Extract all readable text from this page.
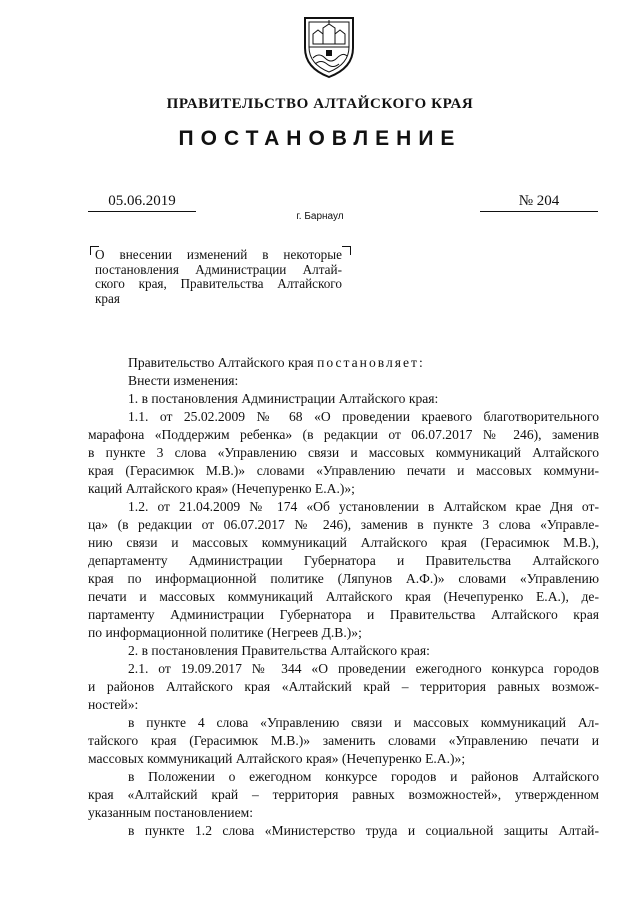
ПРАВИТЕЛЬСТВО АЛТАЙСКОГО КРАЯ
ПОСТАНОВЛЕНИЕ
05.06.2019	№ 204
г. Барнаул
О внесении изменений в некоторые
постановления Администрации Алтай-
ского края, Правительства Алтайского
края
Правительство Алтайского края постановляет:
Внести изменения:
1. в постановления Администрации Алтайского края:
1.1. от 25.02.2009 № 68 «О проведении краевого благотворительного
марафона «Поддержим ребенка» (в редакции от 06.07.2017 № 246), заменив
в пункте 3 слова «Управлению связи и массовых коммуникаций Алтайского
края (Герасимюк М.В.)» словами «Управлению печати и массовых коммуни-
каций Алтайского края» (Нечепуренко Е.А.)»;
1.2. от 21.04.2009 № 174 «Об установлении в Алтайском крае Дня от-
ца» (в редакции от 06.07.2017 № 246), заменив в пункте 3 слова «Управле-
нию связи и массовых коммуникаций Алтайского края (Герасимюк М.В.),
департаменту Администрации Губернатора и Правительства Алтайского
края по информационной политике (Ляпунов А.Ф.)» словами «Управлению
печати и массовых коммуникаций Алтайского края (Нечепуренко Е.А.), де-
партаменту Администрации Губернатора и Правительства Алтайского края
по информационной политике (Негреев Д.В.)»;
2. в постановления Правительства Алтайского края:
2.1. от 19.09.2017 № 344 «О проведении ежегодного конкурса городов
и районов Алтайского края «Алтайский край – территория равных возмож-
ностей»:
в пункте 4 слова «Управлению связи и массовых коммуникаций Ал-
тайского края (Герасимюк М.В.)» заменить словами «Управлению печати и
массовых коммуникаций Алтайского края» (Нечепуренко Е.А.)»;
в Положении о ежегодном конкурсе городов и районов Алтайского
края «Алтайский край – территория равных возможностей», утвержденном
указанным постановлением:
в пункте 1.2 слова «Министерство труда и социальной защиты Алтай-
